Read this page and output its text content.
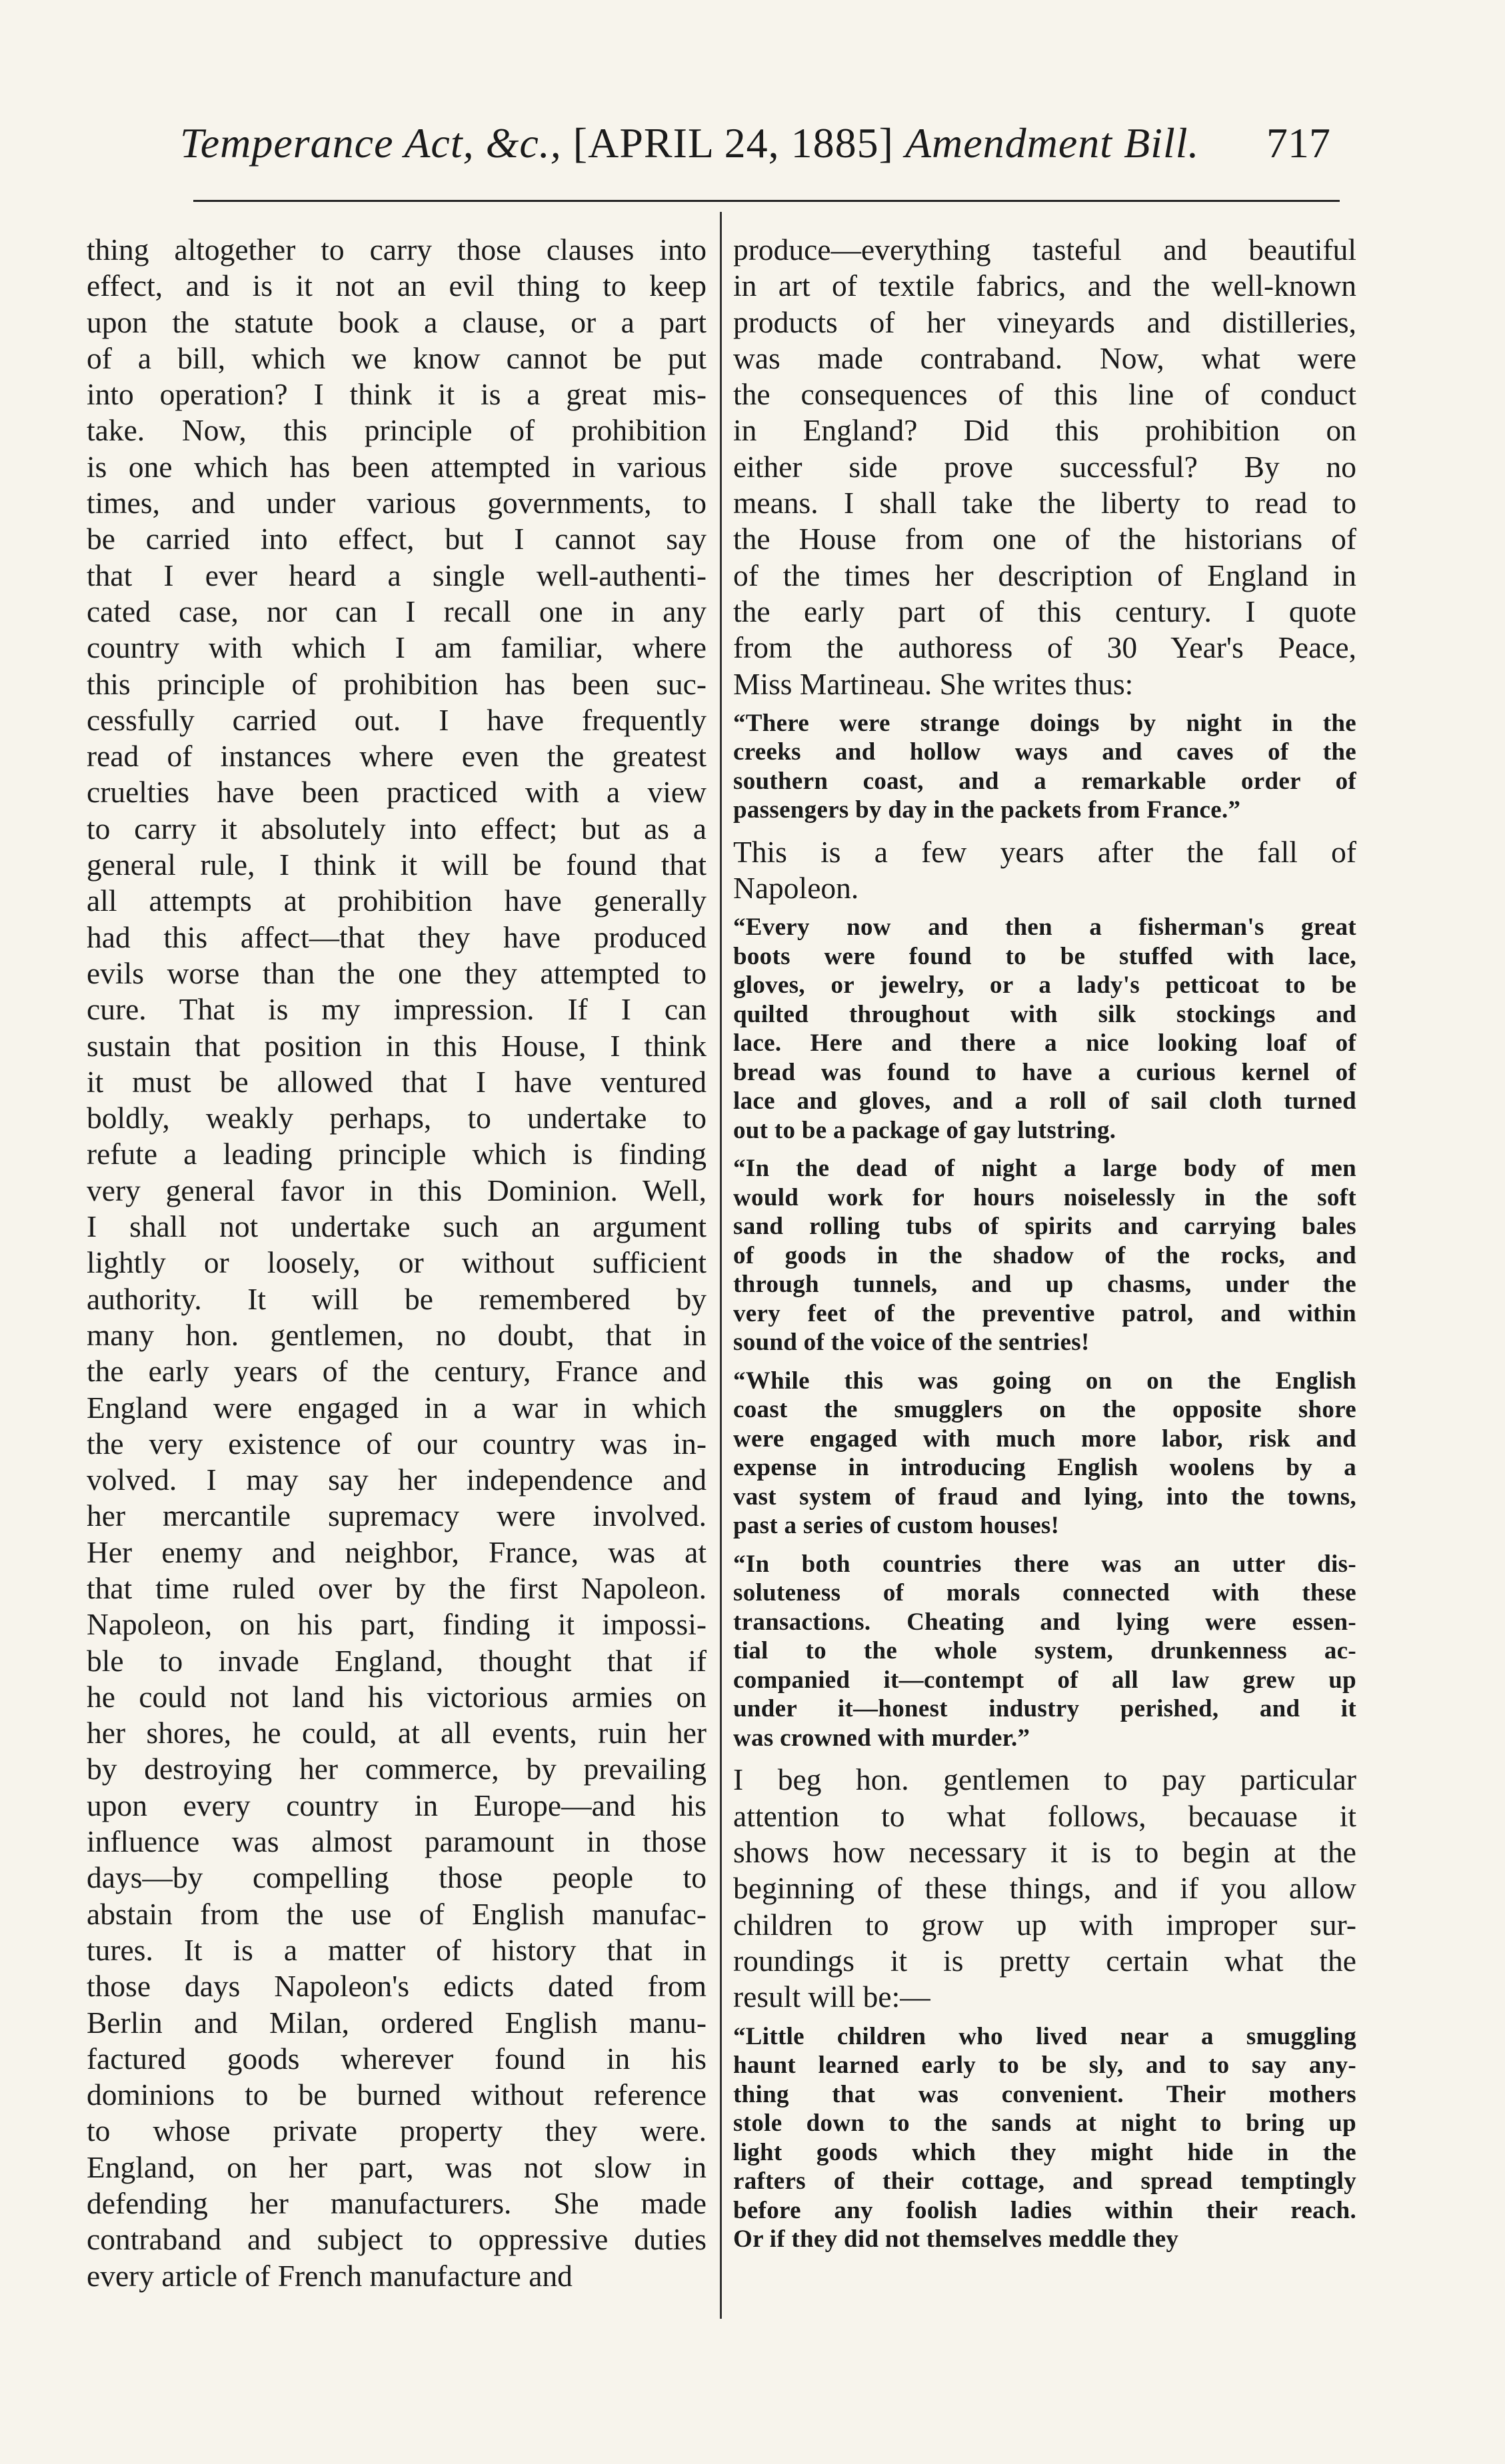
Temperance Act, &c., [APRIL 24, 1885] Amendment Bill. 717
thing altogether to carry those clauses into
effect, and is it not an evil thing to keep
upon the statute book a clause, or a part
of a bill, which we know cannot be put
into operation? I think it is a great mis-
take. Now, this principle of prohibition
is one which has been attempted in various
times, and under various governments, to
be carried into effect, but I cannot say
that I ever heard a single well-authenti-
cated case, nor can I recall one in any
country with which I am familiar, where
this principle of prohibition has been suc-
cessfully carried out. I have frequently
read of instances where even the greatest
cruelties have been practiced with a view
to carry it absolutely into effect; but as a
general rule, I think it will be found that
all attempts at prohibition have generally
had this affect—that they have produced
evils worse than the one they attempted to
cure. That is my impression. If I can
sustain that position in this House, I think
it must be allowed that I have ventured
boldly, weakly perhaps, to undertake to
refute a leading principle which is finding
very general favor in this Dominion. Well,
I shall not undertake such an argument
lightly or loosely, or without sufficient
authority. It will be remembered by
many hon. gentlemen, no doubt, that in
the early years of the century, France and
England were engaged in a war in which
the very existence of our country was in-
volved. I may say her independence and
her mercantile supremacy were involved.
Her enemy and neighbor, France, was at
that time ruled over by the first Napoleon.
Napoleon, on his part, finding it impossi-
ble to invade England, thought that if
he could not land his victorious armies on
her shores, he could, at all events, ruin her
by destroying her commerce, by prevailing
upon every country in Europe—and his
influence was almost paramount in those
days—by compelling those people to
abstain from the use of English manufac-
tures. It is a matter of history that in
those days Napoleon's edicts dated from
Berlin and Milan, ordered English manu-
factured goods wherever found in his
dominions to be burned without reference
to whose private property they were.
England, on her part, was not slow in
defending her manufacturers. She made
contraband and subject to oppressive duties
every article of French manufacture and
produce—everything tasteful and beautiful
in art of textile fabrics, and the well-known
products of her vineyards and distilleries,
was made contraband. Now, what were
the consequences of this line of conduct
in England? Did this prohibition on
either side prove successful? By no
means. I shall take the liberty to read to
the House from one of the historians of
of the times her description of England in
the early part of this century. I quote
from the authoress of 30 Year's Peace,
Miss Martineau. She writes thus:
“There were strange doings by night in the
creeks and hollow ways and caves of the
southern coast, and a remarkable order of
passengers by day in the packets from France.”
This is a few years after the fall of
Napoleon.
“Every now and then a fisherman's great
boots were found to be stuffed with lace,
gloves, or jewelry, or a lady's petticoat to be
quilted throughout with silk stockings and
lace. Here and there a nice looking loaf of
bread was found to have a curious kernel of
lace and gloves, and a roll of sail cloth turned
out to be a package of gay lutstring.
“In the dead of night a large body of men
would work for hours noiselessly in the soft
sand rolling tubs of spirits and carrying bales
of goods in the shadow of the rocks, and
through tunnels, and up chasms, under the
very feet of the preventive patrol, and within
sound of the voice of the sentries!
“While this was going on on the English
coast the smugglers on the opposite shore
were engaged with much more labor, risk and
expense in introducing English woolens by a
vast system of fraud and lying, into the towns,
past a series of custom houses!
“In both countries there was an utter dis-
soluteness of morals connected with these
transactions. Cheating and lying were essen-
tial to the whole system, drunkenness ac-
companied it—contempt of all law grew up
under it—honest industry perished, and it
was crowned with murder.”
I beg hon. gentlemen to pay particular
attention to what follows, becauase it
shows how necessary it is to begin at the
beginning of these things, and if you allow
children to grow up with improper sur-
roundings it is pretty certain what the
result will be:—
“Little children who lived near a smuggling
haunt learned early to be sly, and to say any-
thing that was convenient. Their mothers
stole down to the sands at night to bring up
light goods which they might hide in the
rafters of their cottage, and spread temptingly
before any foolish ladies within their reach.
Or if they did not themselves meddle they
